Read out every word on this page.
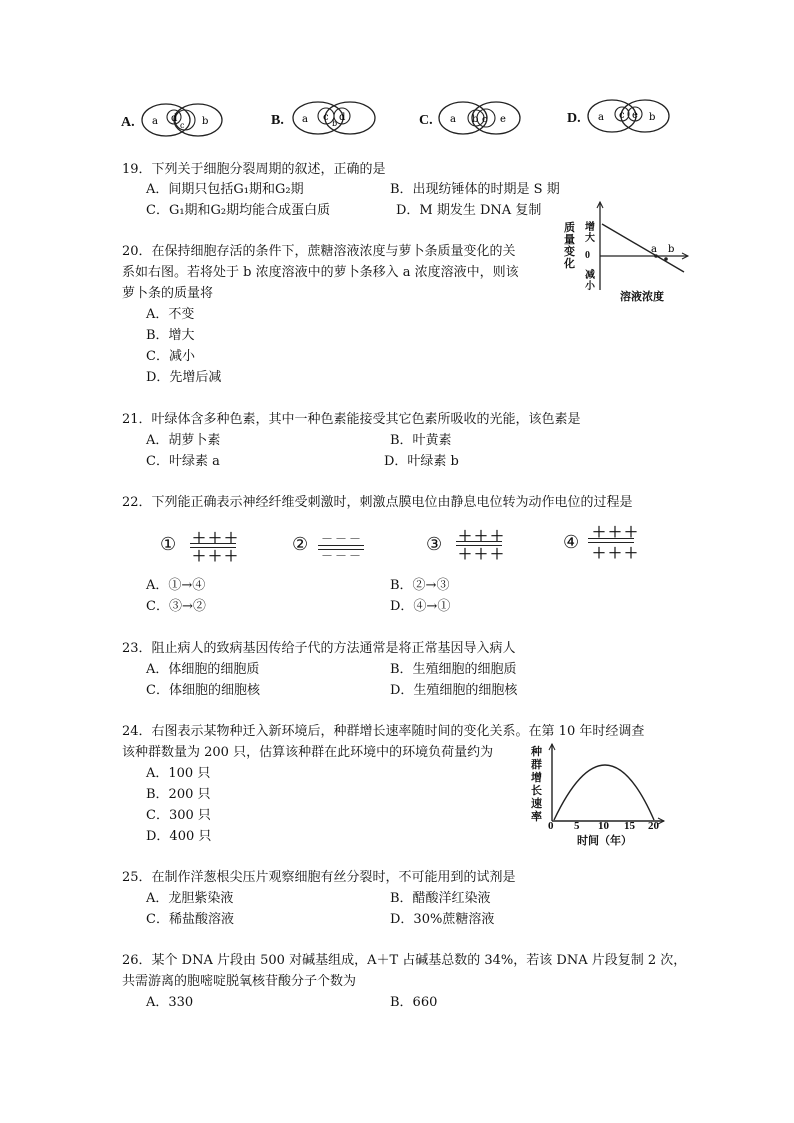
A. a d
c b	B. a c
b
d	C. a b c e	D. a c e b
19．下列关于细胞分裂周期的叙述，正确的是
A．间期只包括G₁期和G₂期	B．出现纺锤体的时期是 S 期
C．G₁期和G₂期均能合成蛋白质	D．M 期发生 DNA 复制
20．在保持细胞存活的条件下，蔗糖溶液浓度与萝卜条质量变化的关
系如右图。若将处于 b 浓度溶液中的萝卜条移入 a 浓度溶液中，则该
萝卜条的质量将
A．不变
B．增大
C．减小
D．先增后减
质量变化
增大
0
减小
a b
溶液浓度
21．叶绿体含多种色素，其中一种色素能接受其它色素所吸收的光能，该色素是
A．胡萝卜素	B．叶黄素
C．叶绿素 a	D．叶绿素 b
22．下列能正确表示神经纤维受刺激时，刺激点膜电位由静息电位转为动作电位的过程是
① ＋＋＋
＋＋＋
② －－－
－－－
③ ＋＋＋
＋＋＋
④ ＋＋＋
＋＋＋
A．①→④	B．②→③
C．③→②	D．④→①
23．阻止病人的致病基因传给子代的方法通常是将正常基因导入病人
A．体细胞的细胞质	B．生殖细胞的细胞质
C．体细胞的细胞核	D．生殖细胞的细胞核
24．右图表示某物种迁入新环境后，种群增长速率随时间的变化关系。在第 10 年时经调查
该种群数量为 200 只，估算该种群在此环境中的环境负荷量约为
A．100 只
B．200 只
C．300 只
D．400 只
种群增长速率
0 5 10 15 20
时间（年）
25．在制作洋葱根尖压片观察细胞有丝分裂时，不可能用到的试剂是
A．龙胆紫染液	B．醋酸洋红染液
C．稀盐酸溶液	D．30%蔗糖溶液
26．某个 DNA 片段由 500 对碱基组成，A＋T 占碱基总数的 34%，若该 DNA 片段复制 2 次，
共需游离的胞嘧啶脱氧核苷酸分子个数为
A．330	B．660
